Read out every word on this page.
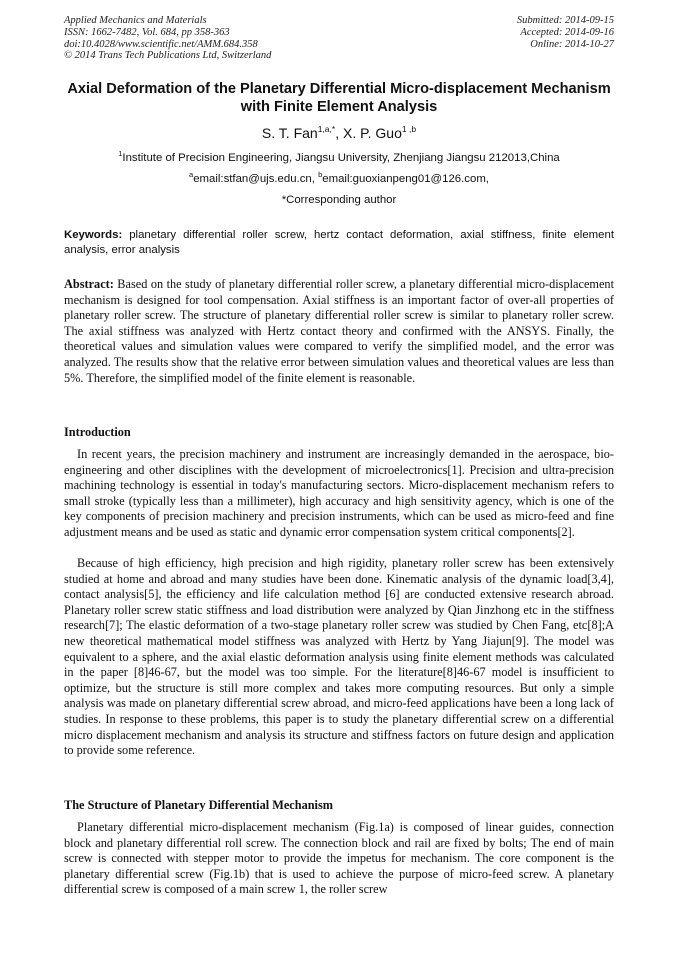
Applied Mechanics and Materials
ISSN: 1662-7482, Vol. 684, pp 358-363
doi:10.4028/www.scientific.net/AMM.684.358
© 2014 Trans Tech Publications Ltd, Switzerland
Submitted: 2014-09-15
Accepted: 2014-09-16
Online: 2014-10-27
Axial Deformation of the Planetary Differential Micro-displacement Mechanism with Finite Element Analysis
S. T. Fan$^{1,a,*}$, X. P. Guo$^{1 ,b}$
$^1$Institute of Precision Engineering, Jiangsu University, Zhenjiang Jiangsu 212013,China
$^a$email:stfan@ujs.edu.cn, $^b$email:guoxianpeng01@126.com,
*Corresponding author
Keywords: planetary differential roller screw, hertz contact deformation, axial stiffness, finite element analysis, error analysis
Abstract: Based on the study of planetary differential roller screw, a planetary differential micro-displacement mechanism is designed for tool compensation. Axial stiffness is an important factor of over-all properties of planetary roller screw. The structure of planetary differential roller screw is similar to planetary roller screw. The axial stiffness was analyzed with Hertz contact theory and confirmed with the ANSYS. Finally, the theoretical values and simulation values were compared to verify the simplified model, and the error was analyzed. The results show that the relative error between simulation values and theoretical values are less than 5%. Therefore, the simplified model of the finite element is reasonable.
Introduction
In recent years, the precision machinery and instrument are increasingly demanded in the aerospace, bio-engineering and other disciplines with the development of microelectronics[1]. Precision and ultra-precision machining technology is essential in today's manufacturing sectors. Micro-displacement mechanism refers to small stroke (typically less than a millimeter), high accuracy and high sensitivity agency, which is one of the key components of precision machinery and precision instruments, which can be used as micro-feed and fine adjustment means and be used as static and dynamic error compensation system critical components[2].
Because of high efficiency, high precision and high rigidity, planetary roller screw has been extensively studied at home and abroad and many studies have been done. Kinematic analysis of the dynamic load[3,4], contact analysis[5], the efficiency and life calculation method [6] are conducted extensive research abroad. Planetary roller screw static stiffness and load distribution were analyzed by Qian Jinzhong etc in the stiffness research[7]; The elastic deformation of a two-stage planetary roller screw was studied by Chen Fang, etc[8];A new theoretical mathematical model stiffness was analyzed with Hertz by Yang Jiajun[9]. The model was equivalent to a sphere, and the axial elastic deformation analysis using finite element methods was calculated in the paper [8]46-67, but the model was too simple. For the literature[8]46-67 model is insufficient to optimize, but the structure is still more complex and takes more computing resources. But only a simple analysis was made on planetary differential screw abroad, and micro-feed applications have been a long lack of studies. In response to these problems, this paper is to study the planetary differential screw on a differential micro displacement mechanism and analysis its structure and stiffness factors on future design and application to provide some reference.
The Structure of Planetary Differential Mechanism
Planetary differential micro-displacement mechanism (Fig.1a) is composed of linear guides, connection block and planetary differential roll screw. The connection block and rail are fixed by bolts; The end of main screw is connected with stepper motor to provide the impetus for mechanism. The core component is the planetary differential screw (Fig.1b) that is used to achieve the purpose of micro-feed screw. A planetary differential screw is composed of a main screw 1, the roller screw
